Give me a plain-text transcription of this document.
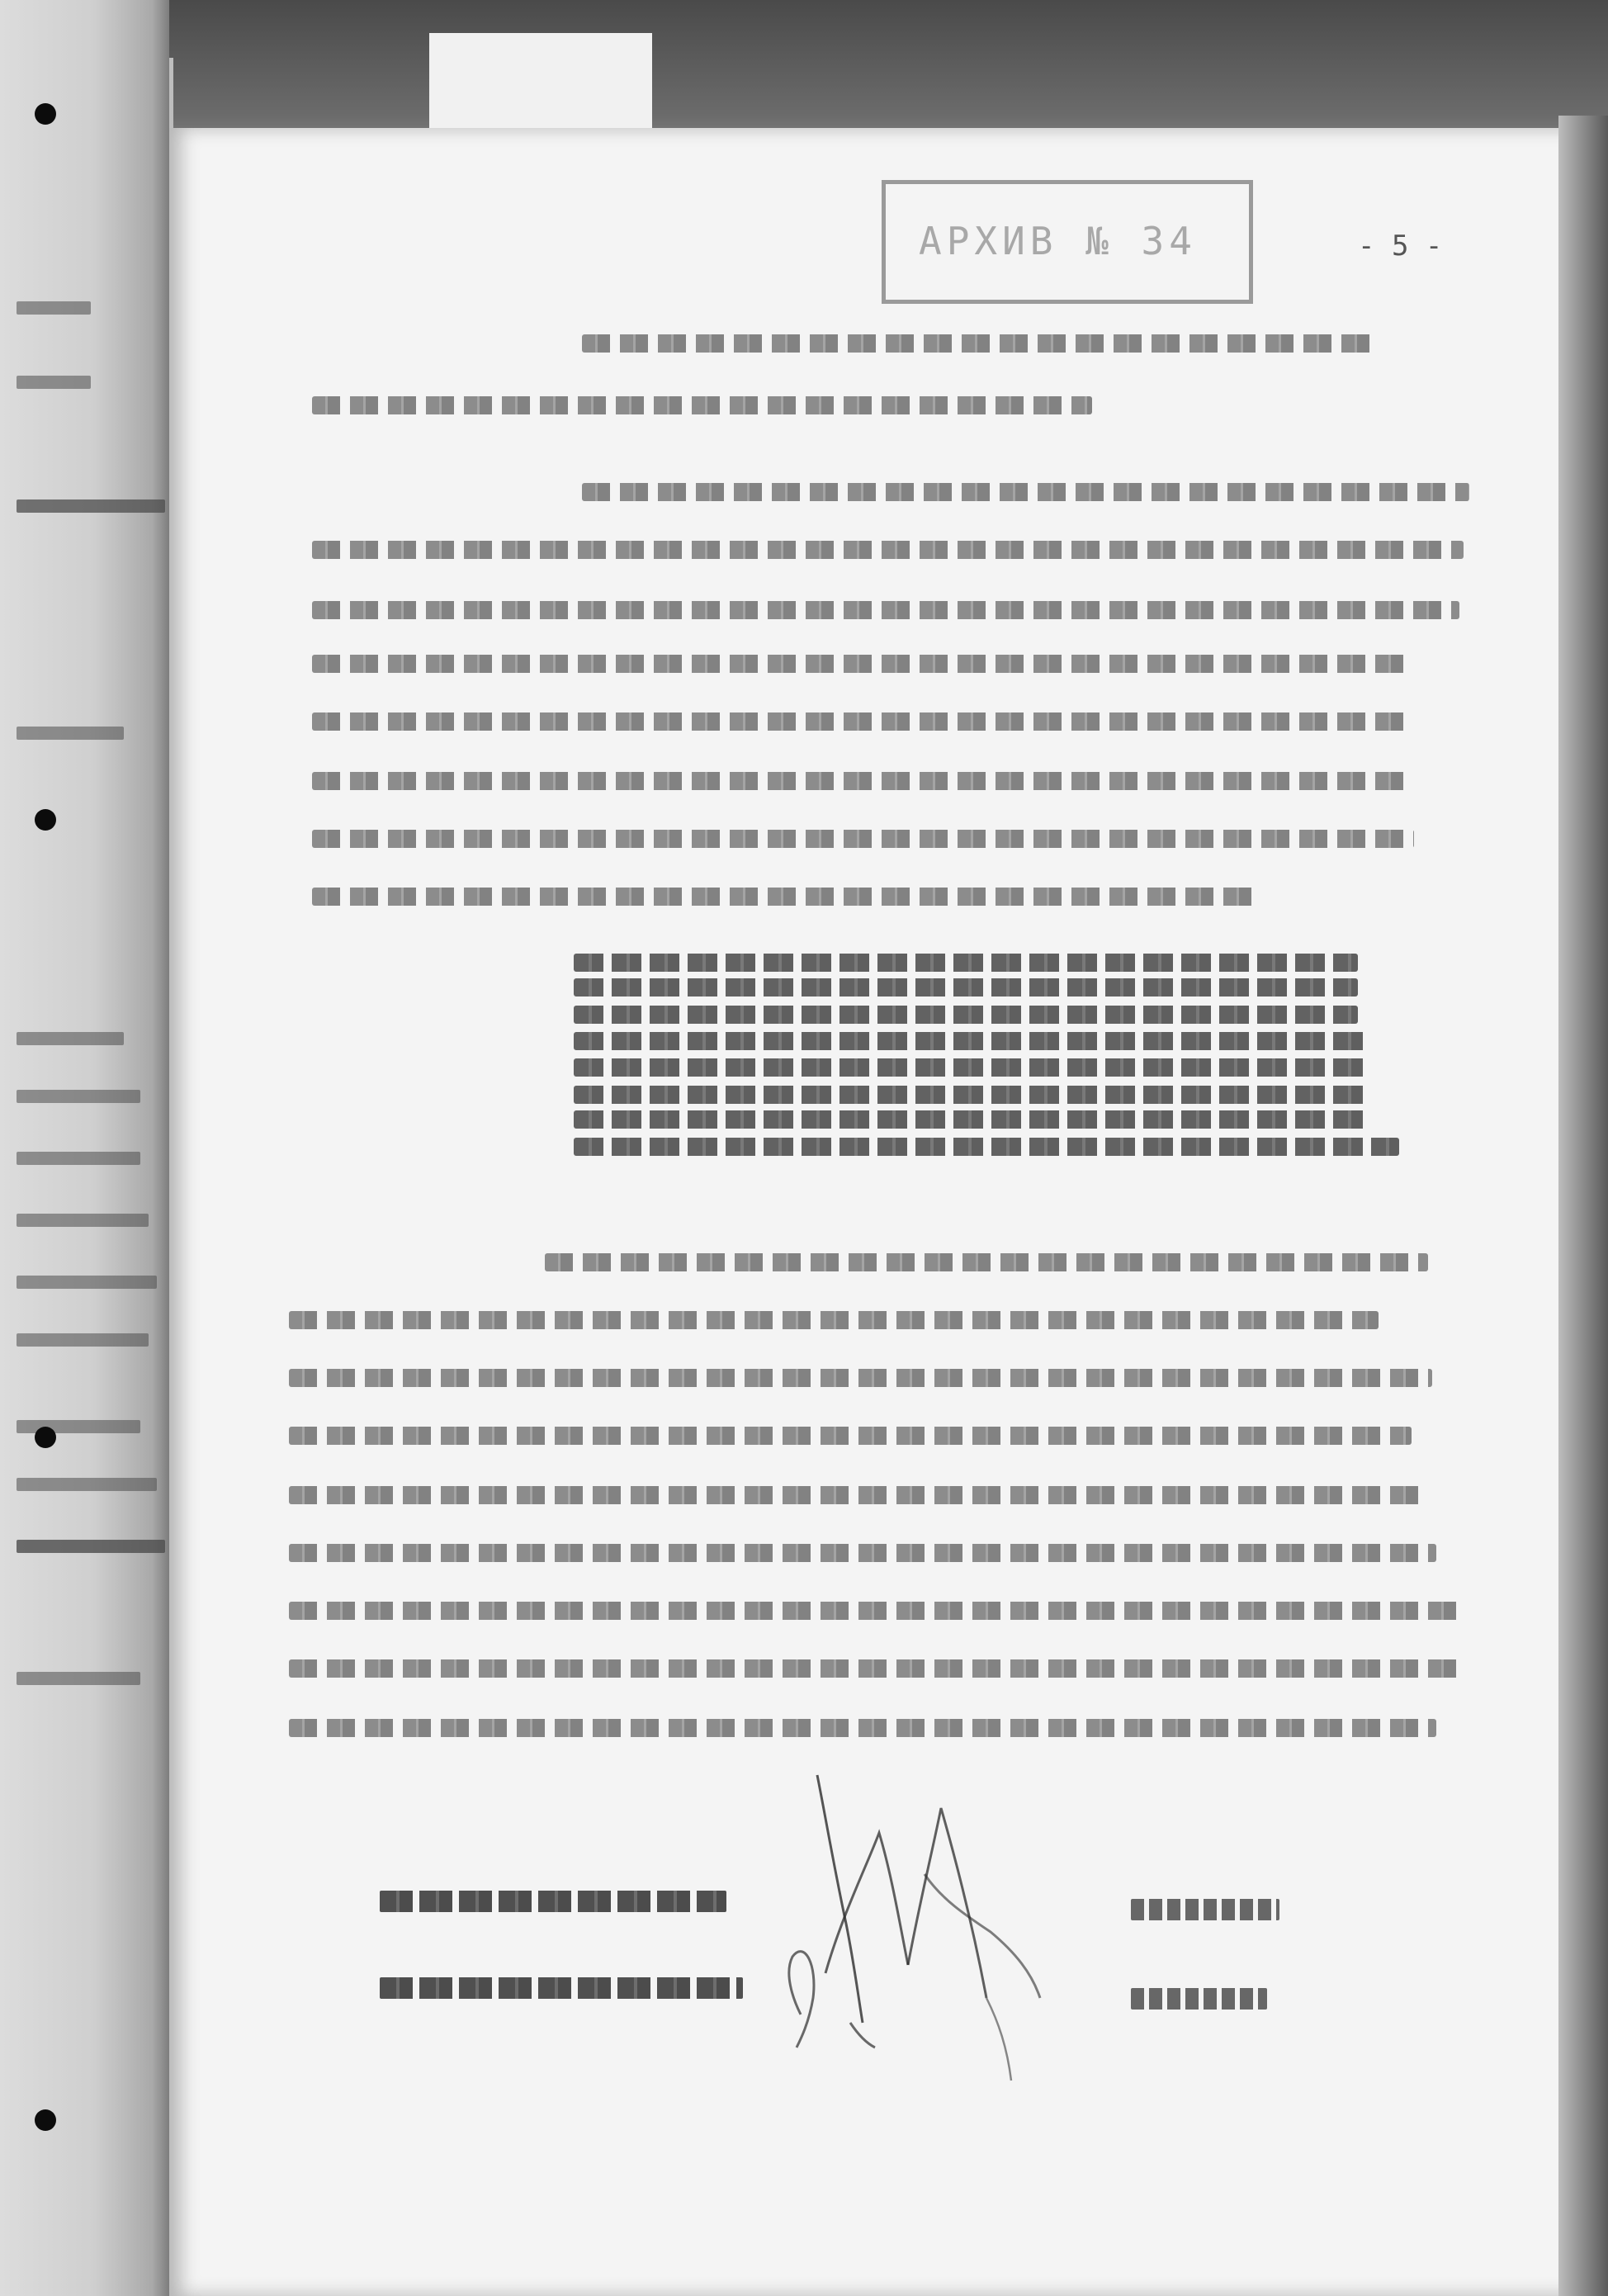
АРХИВ № 34	- 5 -
